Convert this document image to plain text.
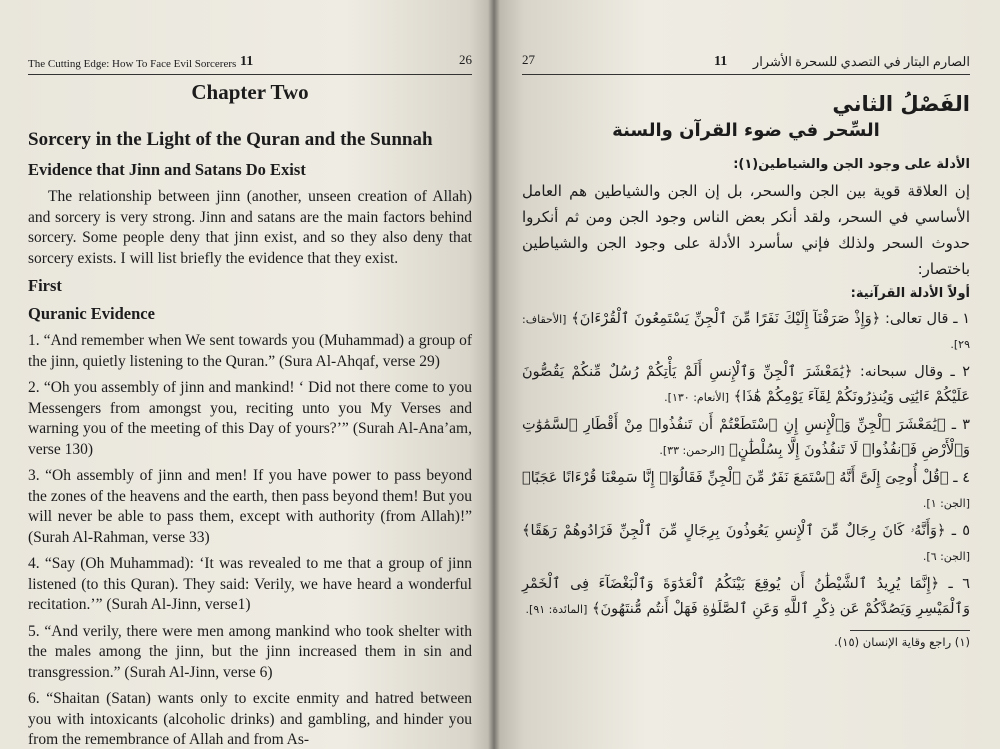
The Cutting Edge: How To Face Evil Sorcerers 11	26
Chapter Two
Sorcery in the Light of the Quran and the Sunnah
Evidence that Jinn and Satans Do Exist
The relationship between jinn (another, unseen creation of Allah) and sorcery is very strong. Jinn and satans are the main factors behind sorcery. Some people deny that jinn exist, and so they also deny that sorcery exists. I will list briefly the evidence that they exist.
First
Quranic Evidence
1. “And remember when We sent towards you (Muhammad) a group of the jinn, quietly listening to the Quran.” (Sura Al-Ahqaf, verse 29)
2. “Oh you assembly of jinn and mankind! ‘ Did not there come to you Messengers from amongst you, reciting unto you My Verses and warning you of the meeting of this Day of yours?’” (Surah Al-Ana’am, verse 130)
3. “Oh assembly of jinn and men! If you have power to pass beyond the zones of the heavens and the earth, then pass beyond them! But you will never be able to pass them, except with authority (from Allah)!” (Surah Al-Rahman, verse 33)
4. “Say (Oh Muhammad): ‘It was revealed to me that a group of jinn listened (to this Quran). They said: Verily, we have heard a wonderful recitation.’” (Surah Al-Jinn, verse1)
5. “And verily, there were men among mankind who took shelter with the males among the jinn, but the jinn increased them in sin and transgression.” (Surah Al-Jinn, verse 6)
6. “Shaitan (Satan) wants only to excite enmity and hatred between you with intoxicants (alcoholic drinks) and gambling, and hinder you from the remembrance of Allah and from As-
27	11 الصارم البتار في التصدي للسحرة الأشرار
الفَصْلُ الثاني
السِّحر في ضوء القرآن والسنة
الأدلة على وجود الجن والشياطين(١):
إن العلاقة قوية بين الجن والسحر، بل إن الجن والشياطين هم العامل الأساسي في السحر، ولقد أنكر بعض الناس وجود الجن ومن ثم أنكروا حدوث السحر ولذلك فإني سأسرد الأدلة على وجود الجن والشياطين باختصار:
أولاً الأدلة القرآنية:
١ ـ قال تعالى: ﴿وَإِذْ صَرَفْنَآ إِلَيْكَ نَفَرًا مِّنَ ٱلْجِنِّ يَسْتَمِعُونَ ٱلْقُرْءَانَ﴾ [الأحقاف: ٢٩].
٢ ـ وقال سبحانه: ﴿يَٰمَعْشَرَ ٱلْجِنِّ وَٱلْإِنسِ أَلَمْ يَأْتِكُمْ رُسُلٌ مِّنكُمْ يَقُصُّونَ عَلَيْكُمْ ءَايَٰتِى وَيُنذِرُونَكُمْ لِقَآءَ يَوْمِكُمْ هَٰذَا﴾ [الأنعام: ١٣٠].
٣ ـ ﴿يَٰمَعْشَرَ ٱلْجِنِّ وَٱلْإِنسِ إِنِ ٱسْتَطَعْتُمْ أَن تَنفُذُوا۟ مِنْ أَقْطَارِ ٱلسَّمَٰوَٰتِ وَٱلْأَرْضِ فَٱنفُذُوا۟ لَا تَنفُذُونَ إِلَّا بِسُلْطَٰنٍ﴾ [الرحمن: ٣٣].
٤ ـ ﴿قُلْ أُوحِىَ إِلَىَّ أَنَّهُ ٱسْتَمَعَ نَفَرٌ مِّنَ ٱلْجِنِّ فَقَالُوٓا۟ إِنَّا سَمِعْنَا قُرْءَانًا عَجَبًا﴾ [الجن: ١].
٥ ـ ﴿وَأَنَّهُۥ كَانَ رِجَالٌ مِّنَ ٱلْإِنسِ يَعُوذُونَ بِرِجَالٍ مِّنَ ٱلْجِنِّ فَزَادُوهُمْ رَهَقًا﴾ [الجن: ٦].
٦ ـ ﴿إِنَّمَا يُرِيدُ ٱلشَّيْطَٰنُ أَن يُوقِعَ بَيْنَكُمُ ٱلْعَدَٰوَةَ وَٱلْبَغْضَآءَ فِى ٱلْخَمْرِ وَٱلْمَيْسِرِ وَيَصُدَّكُمْ عَن ذِكْرِ ٱللَّهِ وَعَنِ ٱلصَّلَوٰةِ فَهَلْ أَنتُم مُّنتَهُونَ﴾ [المائدة: ٩١].
(١) راجع وقاية الإنسان (١٥).
